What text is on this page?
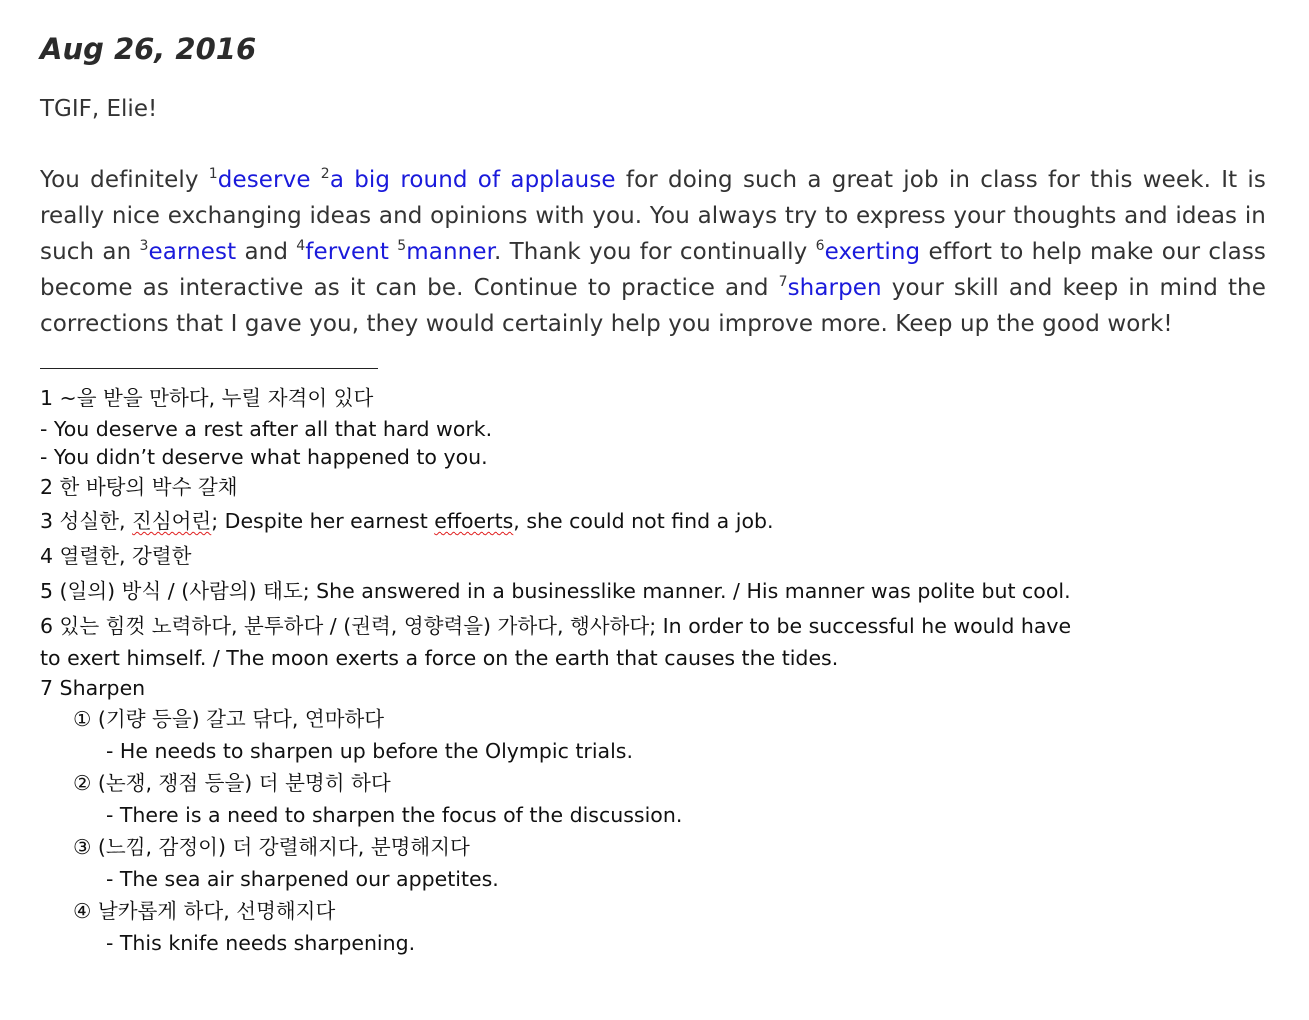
Aug 26, 2016
TGIF, Elie!
You definitely $^1$deserve $^2$a big round of applause for doing such a great job in class for this week. It is really nice exchanging ideas and opinions with you. You always try to express your thoughts and ideas in such an $^3$earnest and $^4$fervent $^5$manner. Thank you for continually $^6$exerting effort to help make our class become as interactive as it can be. Continue to practice and $^7$sharpen your skill and keep in mind the corrections that I gave you, they would certainly help you improve more. Keep up the good work!
1 ~을 받을 만하다, 누릴 자격이 있다
- You deserve a rest after all that hard work.
- You didn’t deserve what happened to you.
2 한 바탕의 박수 갈채
3 성실한, 진심어린; Despite her earnest effoerts, she could not find a job.
4 열렬한, 강렬한
5 (일의) 방식 / (사람의) 태도; She answered in a businesslike manner. / His manner was polite but cool.
6 있는 힘껏 노력하다, 분투하다 / (권력, 영향력을) 가하다, 행사하다; In order to be successful he would have
to exert himself. / The moon exerts a force on the earth that causes the tides.
7 Sharpen
① (기량 등을) 갈고 닦다, 연마하다
- He needs to sharpen up before the Olympic trials.
② (논쟁, 쟁점 등을) 더 분명히 하다
- There is a need to sharpen the focus of the discussion.
③ (느낌, 감정이) 더 강렬해지다, 분명해지다
- The sea air sharpened our appetites.
④ 날카롭게 하다, 선명해지다
- This knife needs sharpening.
